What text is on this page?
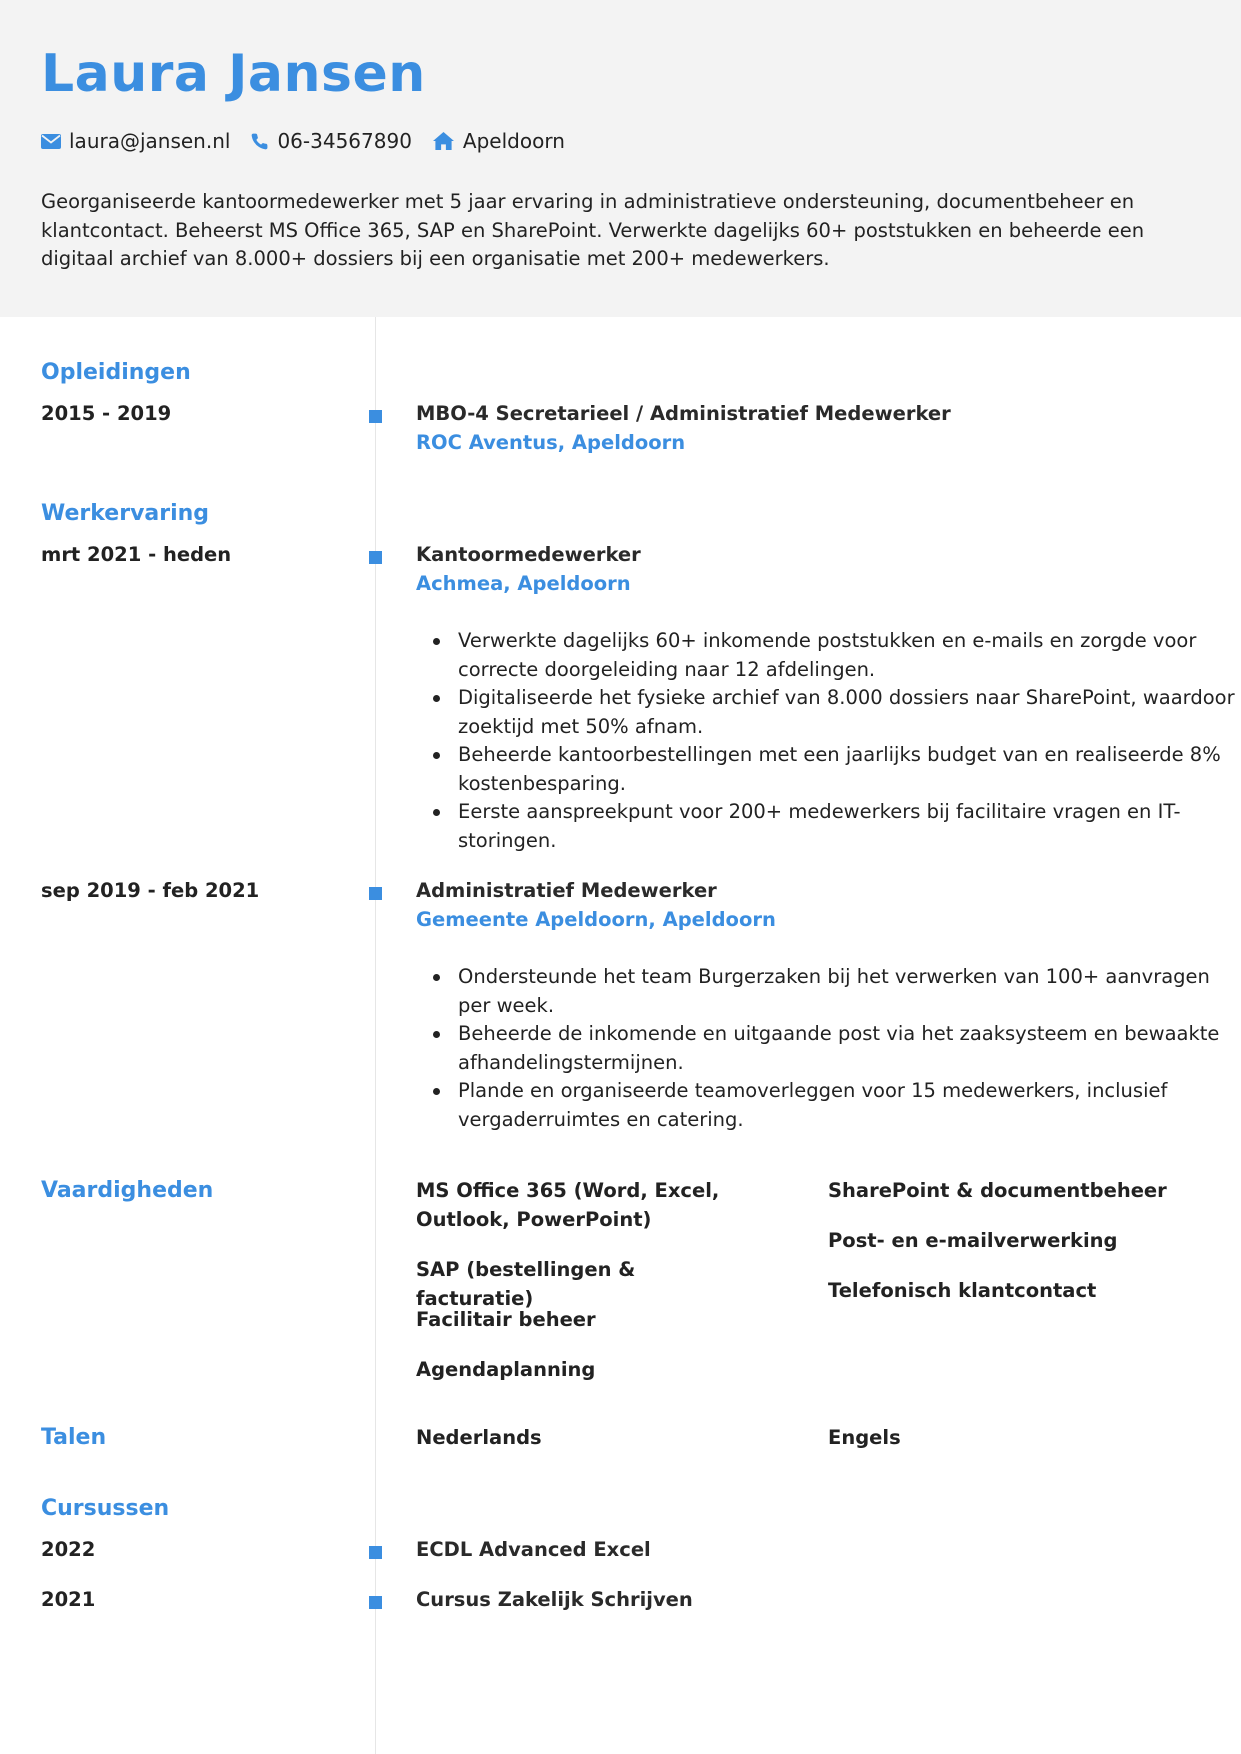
Laura Jansen
laura@jansen.nl 06-34567890	Apeldoorn
Georganiseerde kantoormedewerker met 5 jaar ervaring in administratieve ondersteuning, documentbeheer en klantcontact. Beheerst MS Office 365, SAP en SharePoint. Verwerkte dagelijks 60+ poststukken en beheerde een digitaal archief van 8.000+ dossiers bij een organisatie met 200+ medewerkers.
Opleidingen
2015 - 2019	MBO-4 Secretarieel / Administratief Medewerker
ROC Aventus, Apeldoorn
Werkervaring
mrt 2021 - heden	Kantoormedewerker
Achmea, Apeldoorn
Verwerkte dagelijks 60+ inkomende poststukken en e-mails en zorgde voor correcte doorgeleiding naar 12 afdelingen.
Digitaliseerde het fysieke archief van 8.000 dossiers naar SharePoint, waardoor zoektijd met 50% afnam.
Beheerde kantoorbestellingen met een jaarlijks budget van en realiseerde 8% kostenbesparing.
Eerste aanspreekpunt voor 200+ medewerkers bij facilitaire vragen en IT-storingen.
sep 2019 - feb 2021	Administratief Medewerker
Gemeente Apeldoorn, Apeldoorn
Ondersteunde het team Burgerzaken bij het verwerken van 100+ aanvragen per week.
Beheerde de inkomende en uitgaande post via het zaaksysteem en bewaakte afhandelingstermijnen.
Plande en organiseerde teamoverleggen voor 15 medewerkers, inclusief vergaderruimtes en catering.
Vaardigheden	MS Office 365 (Word, Excel, Outlook, PowerPoint)
SAP (bestellingen & facturatie)
Facilitair beheer
Agendaplanning
SharePoint & documentbeheer
Post- en e-mailverwerking
Telefonisch klantcontact
Talen	Nederlands	Engels
Cursussen
2022	ECDL Advanced Excel
2021	Cursus Zakelijk Schrijven
